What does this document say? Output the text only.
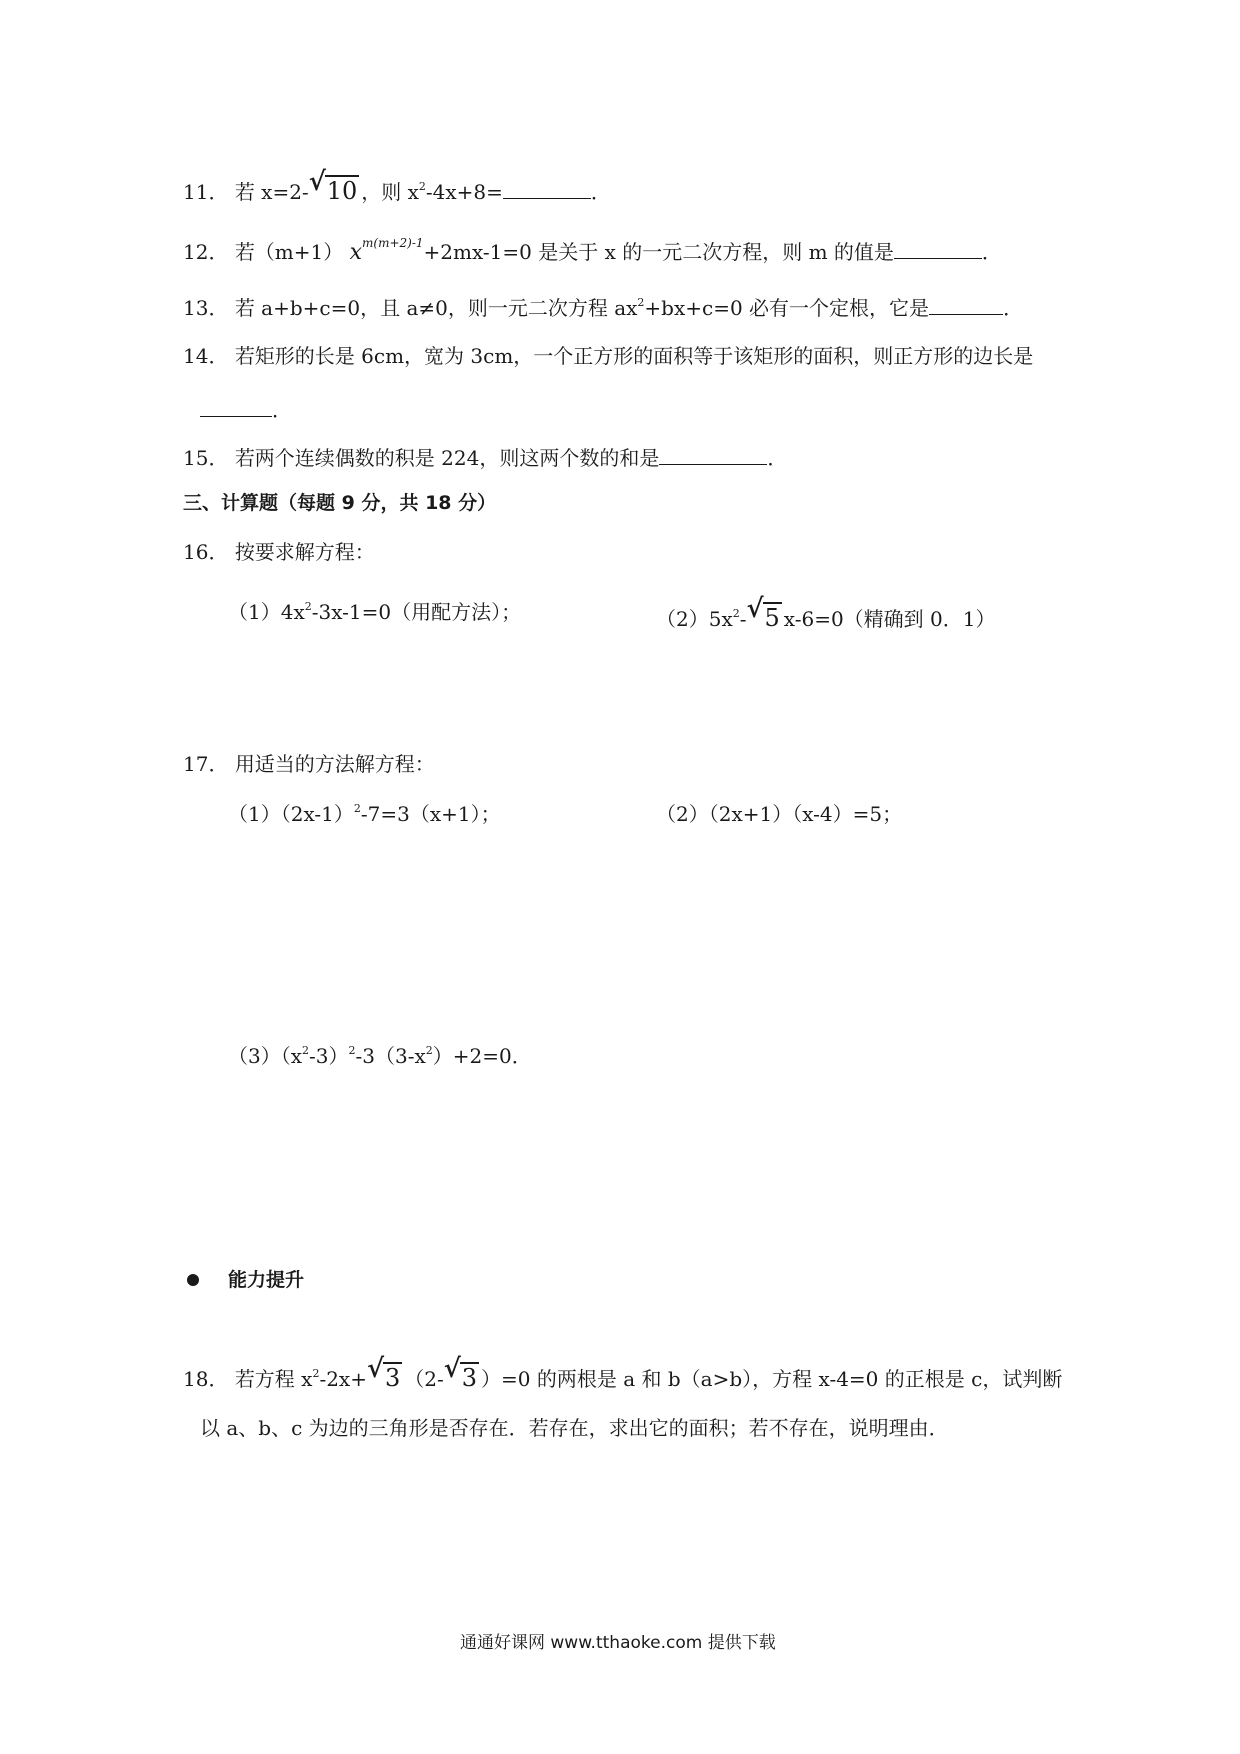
11． 若 x=2- √ 10 ，则 $x^2-4x+8=$	．
12． 若（m+1） $x^{m(m+2)-1}+2mx-1=0$ 是关于 x 的一元二次方程，则 m 的值是	．
13． 若 a+b+c=0，且 a≠0，则一元二次方程 $ax^2+bx+c=0$ 必有一个定根，它是	．
14． 若矩形的长是 6cm，宽为 3cm，一个正方形的面积等于该矩形的面积，则正方形的边长是
．
15． 若两个连续偶数的积是 224，则这两个数的和是	．
三、计算题（每题 9 分，共 18 分）
16． 按要求解方程：
$(1)4x^2-3x-1=0$（用配方法）；	$(2)5x^2-$ √ 5 x-6=0（精确到 0．1）
17． 用适当的方法解方程：
$(1)(2x-1)^2-7=3(x+1)$；	（2）（2x+1）（x-4）=5；
$(3)(x^2-3)^2-3(3-x^2)+2=0$．
能力提升
18． 若方程 $x^2-2x+$ √ 3 （2- √ 3 ）=0 的两根是 a 和 b（a>b），方程 x-4=0 的正根是 c，试判断
以 a、b、c 为边的三角形是否存在．若存在，求出它的面积；若不存在，说明理由．
通通好课网 www.tthaoke.com 提供下载
